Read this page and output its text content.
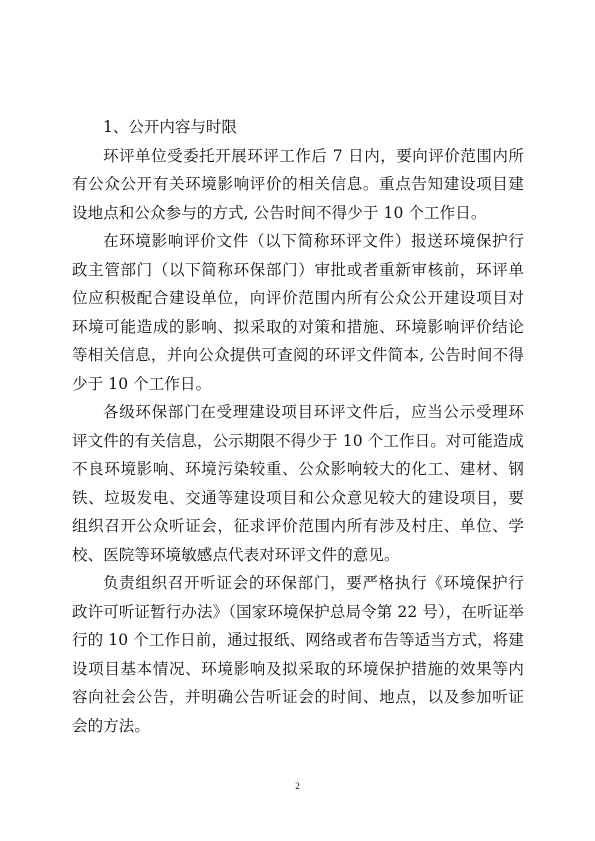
1、公开内容与时限

环评单位受委托开展环评工作后 7 日内，要向评价范围内所有公众公开有关环境影响评价的相关信息。重点告知建设项目建设地点和公众参与的方式, 公告时间不得少于 10 个工作日。

在环境影响评价文件（以下简称环评文件）报送环境保护行政主管部门（以下简称环保部门）审批或者重新审核前，环评单位应积极配合建设单位，向评价范围内所有公众公开建设项目对环境可能造成的影响、拟采取的对策和措施、环境影响评价结论等相关信息，并向公众提供可查阅的环评文件简本, 公告时间不得少于 10 个工作日。

各级环保部门在受理建设项目环评文件后，应当公示受理环评文件的有关信息，公示期限不得少于 10 个工作日。对可能造成不良环境影响、环境污染较重、公众影响较大的化工、建材、钢铁、垃圾发电、交通等建设项目和公众意见较大的建设项目，要组织召开公众听证会，征求评价范围内所有涉及村庄、单位、学校、医院等环境敏感点代表对环评文件的意见。

负责组织召开听证会的环保部门，要严格执行《环境保护行政许可听证暂行办法》（国家环境保护总局令第 22 号），在听证举行的 10 个工作日前，通过报纸、网络或者布告等适当方式，将建设项目基本情况、环境影响及拟采取的环境保护措施的效果等内容向社会公告，并明确公告听证会的时间、地点，以及参加听证会的方法。

2
